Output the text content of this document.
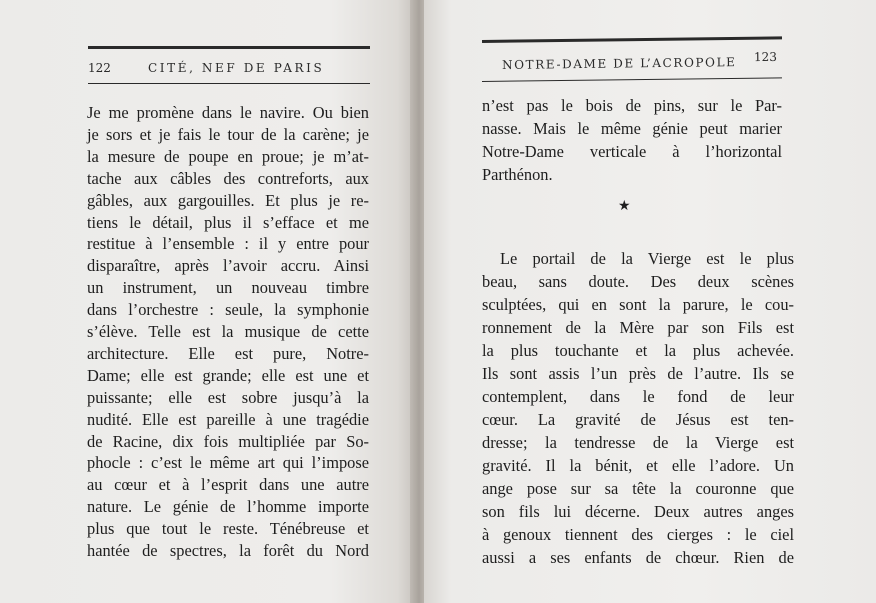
122	CITÉ, NEF DE PARIS
Je me promène dans le navire. Ou bien
je sors et je fais le tour de la carène; je
la mesure de poupe en proue; je m’at-
tache aux câbles des contreforts, aux
gâbles, aux gargouilles. Et plus je re-
tiens le détail, plus il s’efface et me
restitue à l’ensemble : il y entre pour
disparaître, après l’avoir accru. Ainsi
un instrument, un nouveau timbre
dans l’orchestre : seule, la symphonie
s’élève. Telle est la musique de cette
architecture. Elle est pure, Notre-
Dame; elle est grande; elle est une et
puissante; elle est sobre jusqu’à la
nudité. Elle est pareille à une tragédie
de Racine, dix fois multipliée par So-
phocle : c’est le même art qui l’impose
au cœur et à l’esprit dans une autre
nature. Le génie de l’homme importe
plus que tout le reste. Ténébreuse et
hantée de spectres, la forêt du Nord
NOTRE-DAME DE L’ACROPOLE 123
n’est pas le bois de pins, sur le Par-
nasse. Mais le même génie peut marier
Notre-Dame verticale à l’horizontal
Parthénon.
Le portail de la Vierge est le plus
beau, sans doute. Des deux scènes
sculptées, qui en sont la parure, le cou-
ronnement de la Mère par son Fils est
la plus touchante et la plus achevée.
Ils sont assis l’un près de l’autre. Ils se
contemplent, dans le fond de leur
cœur. La gravité de Jésus est ten-
dresse; la tendresse de la Vierge est
gravité. Il la bénit, et elle l’adore. Un
ange pose sur sa tête la couronne que
son fils lui décerne. Deux autres anges
à genoux tiennent des cierges : le ciel
aussi a ses enfants de chœur. Rien de
★
